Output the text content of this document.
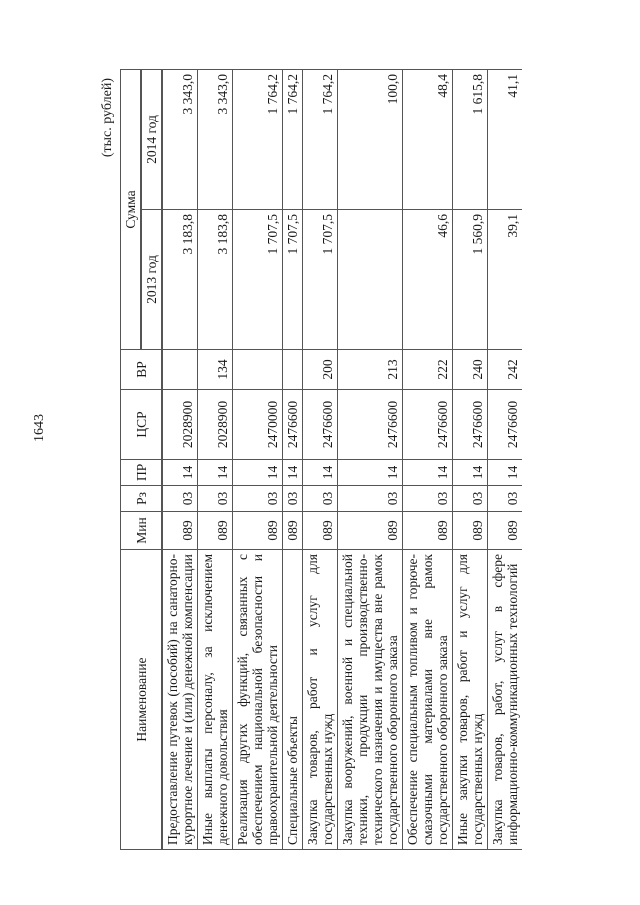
1643
(тыс. рублей)
Наименование	Мин	Рз	ПР	ЦСР	ВР	Сумма	
						2013 год	2014 год
Предоставление путевок (пособий) на санаторно-курортное лечение и (или) денежной компенсации	089	03	14	2028900		3 183,8	3 343,0
Иные выплаты персоналу, за исключением денежного довольствия	089	03	14	2028900	134	3 183,8	3 343,0
Реализация других функций, связанных с обеспечением национальной безопасности и правоохранительной деятельности	089	03	14	2470000		1 707,5	1 764,2
Специальные объекты	089	03	14	2476600		1 707,5	1 764,2
Закупка товаров, работ и услуг для государственных нужд	089	03	14	2476600	200	1 707,5	1 764,2
Закупка вооружений, военной и специальной техники, продукции производственно-технического назначения и имущества вне рамок государственного оборонного заказа	089	03	14	2476600	213		100,0
Обеспечение специальным топливом и горюче-смазочными материалами вне рамок государственного оборонного заказа	089	03	14	2476600	222	46,6	48,4
Иные закупки товаров, работ и услуг для государственных нужд	089	03	14	2476600	240	1 560,9	1 615,8
Закупка товаров, работ, услуг в сфере информационно-коммуникационных технологий	089	03	14	2476600	242	39,1	41,1
